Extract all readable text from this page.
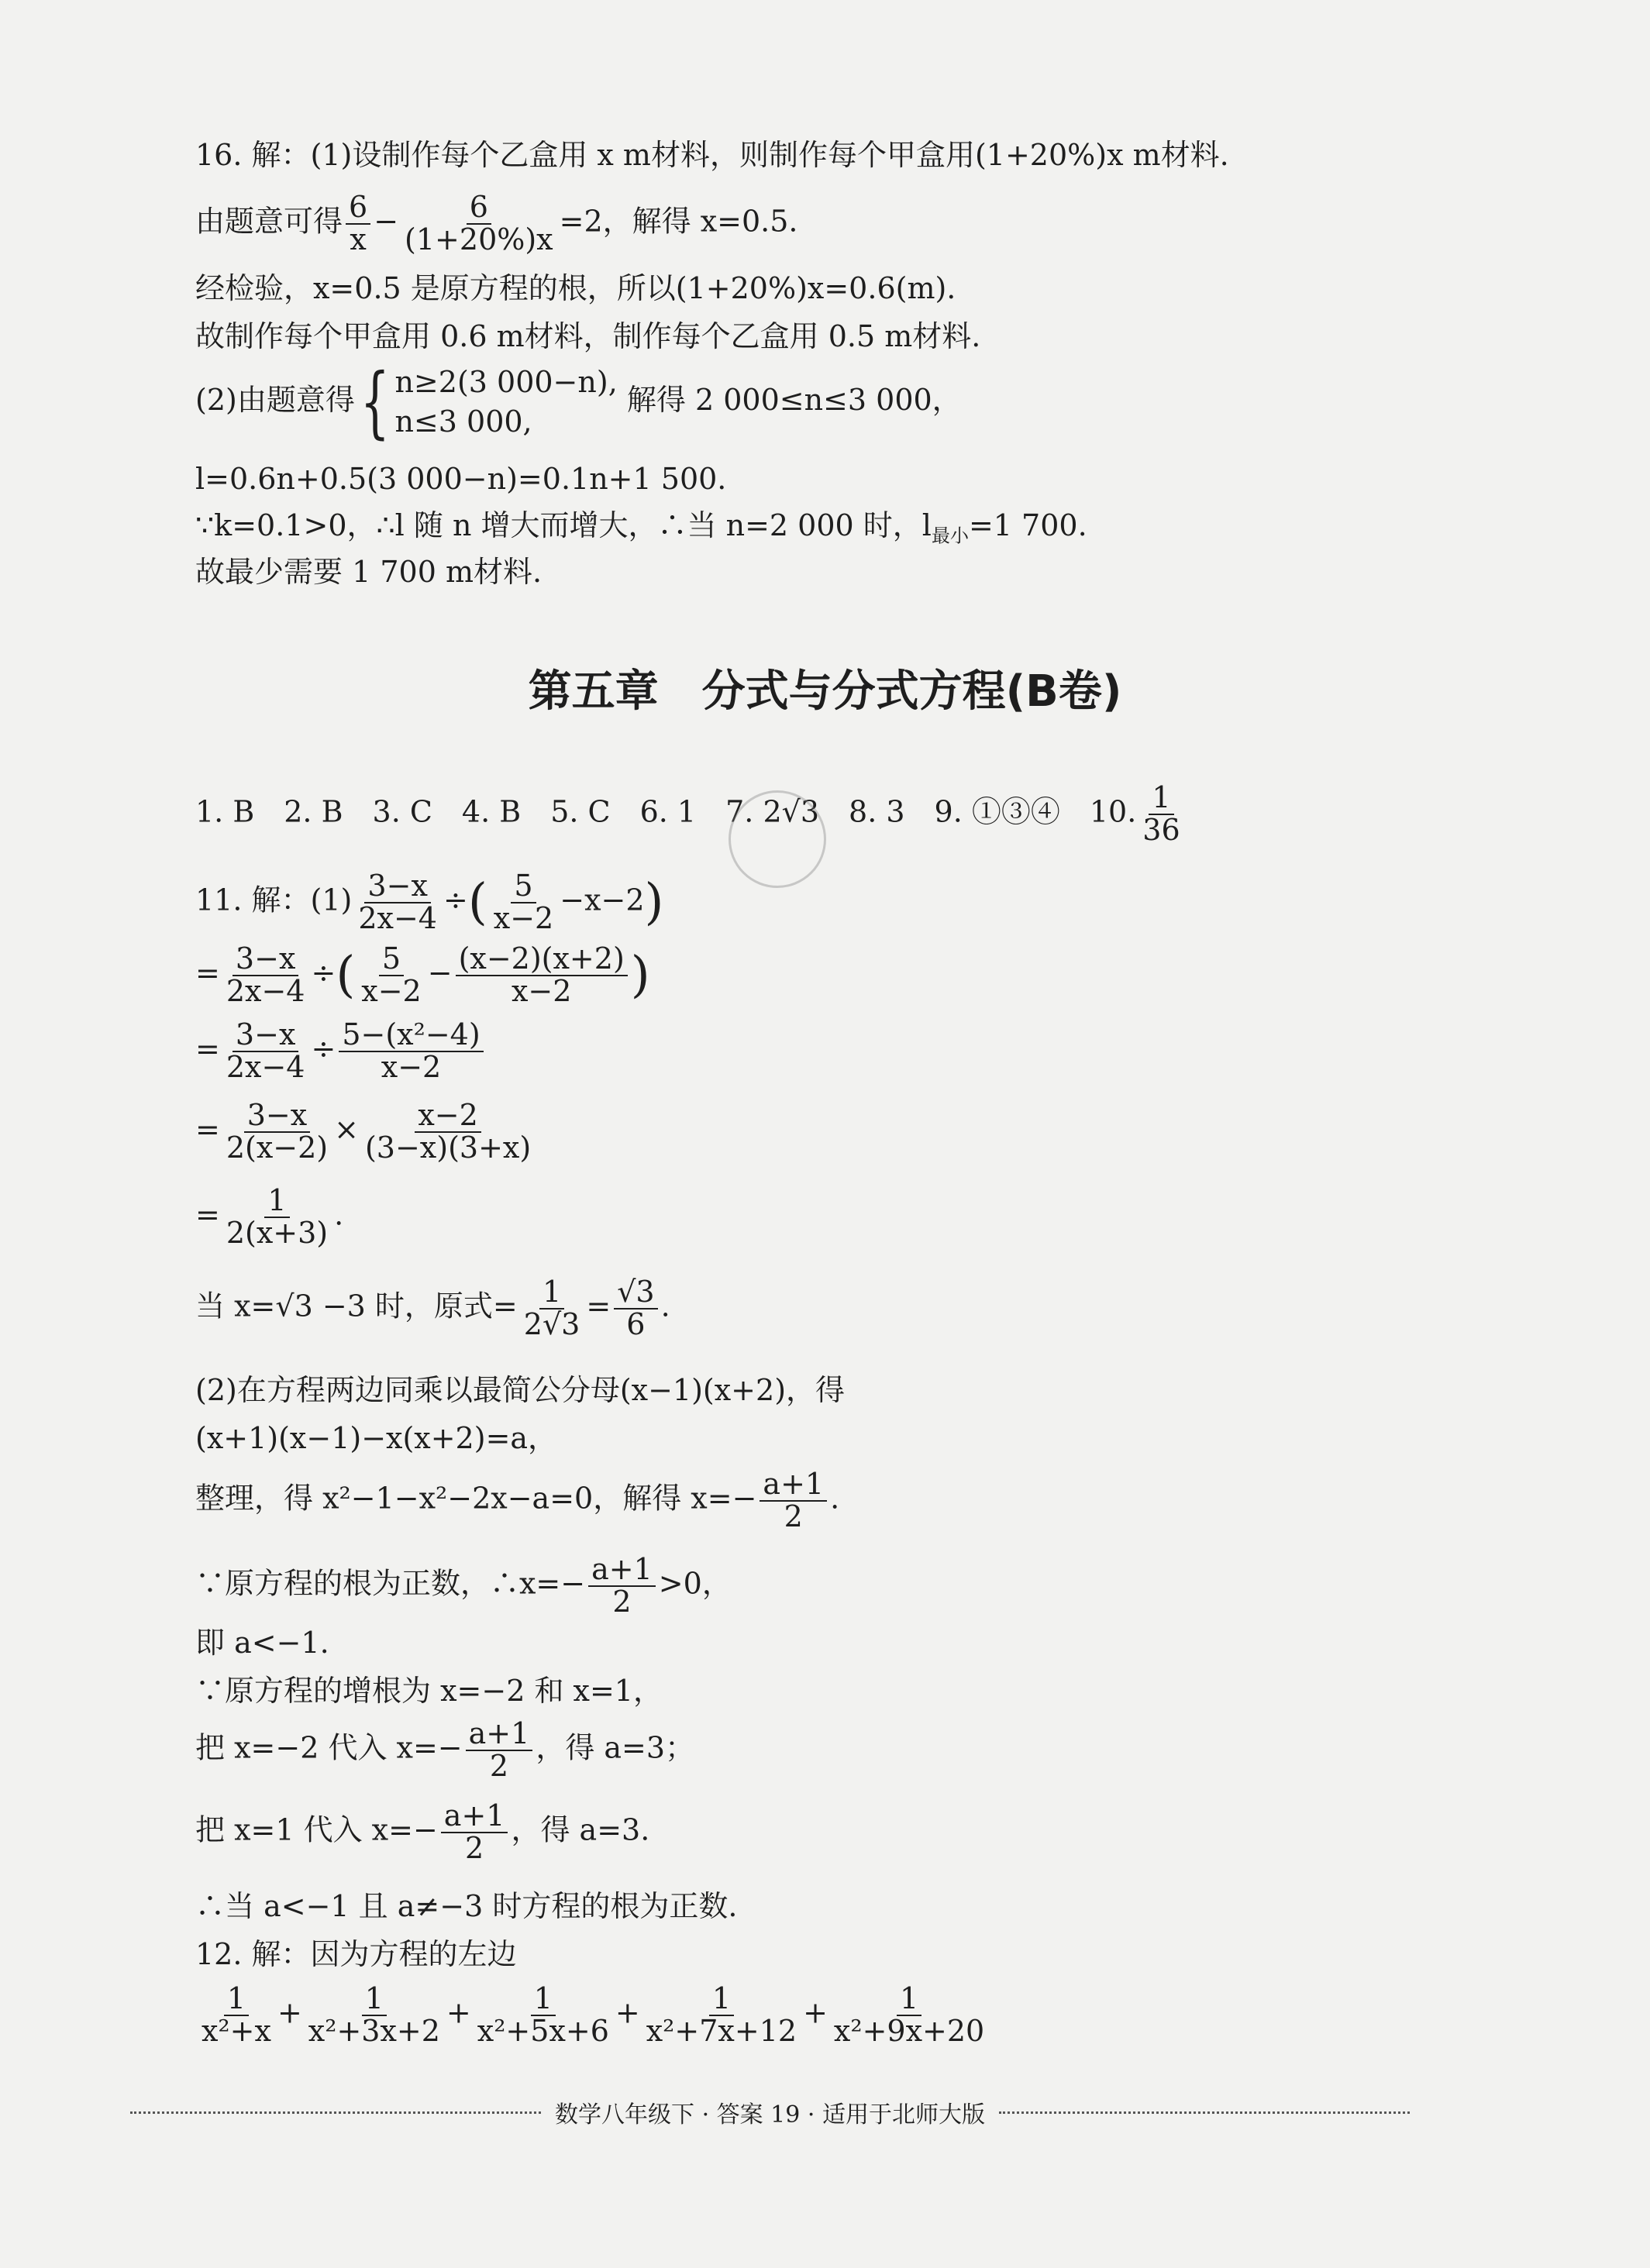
16. 解：(1)设制作每个乙盒用 x m材料，则制作每个甲盒用(1+20%)x m材料.
由题意可得 $\frac{6}{x} - \frac{6}{(1+20\%)x} =2$，解得 x=0.5.
经检验，x=0.5 是原方程的根，所以(1+20%)x=0.6(m).
故制作每个甲盒用 0.6 m材料，制作每个乙盒用 0.5 m材料.
(2)由题意得{ n≥2(3 000−n),
n≤3 000,
解得 2 000≤n≤3 000，
l=0.6n+0.5(3 000−n)=0.1n+1 500.
∵k=0.1>0，∴l 随 n 增大而增大，∴当 n=2 000 时，$l_{最小}=1$ 700.
故最少需要 1 700 m材料.
第五章　分式与分式方程(B卷)
1. B　2. B　3. C　4. B　5. C　6. 1　7. 2√3　8. 3　9. ①③④　10. $\frac{1}{36}$
11. 解：$(1) \frac{3-x}{2x-4}$ ÷( $\frac{5}{x-2} -x-2$)
= $\frac{3-x}{2x-4}$ ÷( $\frac{5}{x-2} - \frac{(x-2)(x+2)}{x-2}$ )
= $\frac{3-x}{2x-4} \div \frac{\text{5−(x²−4)}}{x-2}$
= $\frac{3-x}{2(x-2)} \times \frac{x-2}{(3-x)(3+x)}$
= $\frac{1}{2(x+3)}$ .
当 x=√3 −3 时，原式= $\frac{1}{2√3} = \frac{√3}{6}$ .
(2)在方程两边同乘以最简公分母(x−1)(x+2)，得
(x+1)(x−1)−x(x+2)=a，
整理，得 x²−1−x²−2x−a=0，解得 $x=- \frac{a+1}{2}$ .
∵原方程的根为正数，∴x=− $\frac{a+1}{2} >0$，
即 a<−1.
∵原方程的增根为 x=−2 和 x=1，
把 x=−2 代入 $x=- \frac{a+1}{2}$ ，得 a=3；
把 x=1 代入 $x=- \frac{a+1}{2}$ ，得 a=3.
∴当 a<−1 且 a≠−3 时方程的根为正数.
12. 解：因为方程的左边
$\frac{1}{\text{x²+x}} + \frac{1}{\text{x²+3x+2}} + \frac{1}{\text{x²+5x+6}} + \frac{1}{\text{x²+7x+12}} + \frac{1}{\text{x²+9x+20}}$
数学八年级下 · 答案 19 · 适用于北师大版
